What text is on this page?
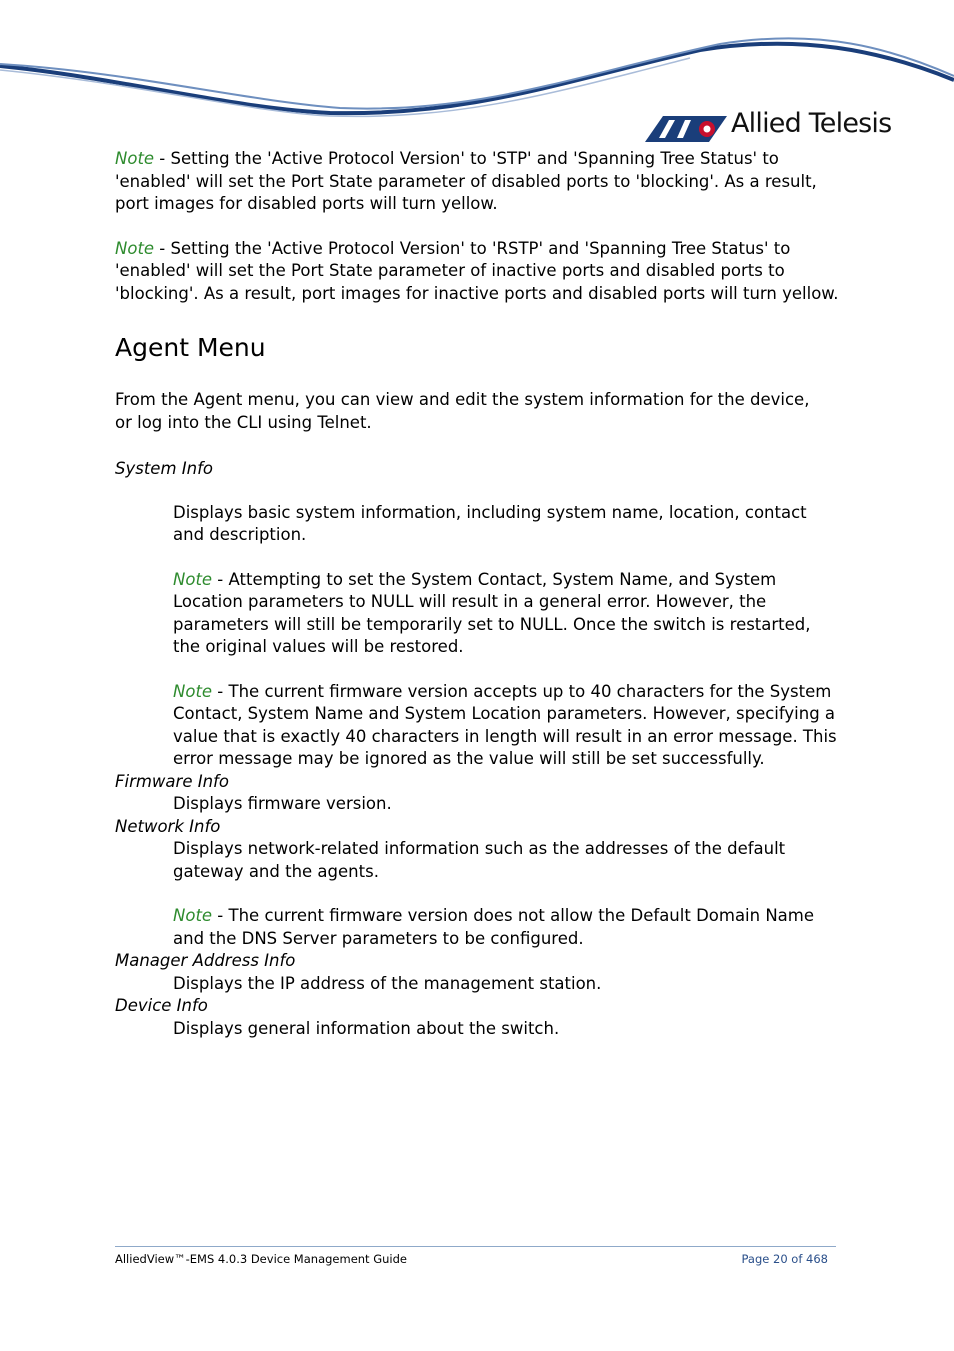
Allied Telesis

Note - Setting the 'Active Protocol Version' to 'STP' and 'Spanning Tree Status' to 'enabled' will set the Port State parameter of disabled ports to 'blocking'. As a result, port images for disabled ports will turn yellow.

Note - Setting the 'Active Protocol Version' to 'RSTP' and 'Spanning Tree Status' to 'enabled' will set the Port State parameter of inactive ports and disabled ports to 'blocking'. As a result, port images for inactive ports and disabled ports will turn yellow.

Agent Menu

From the Agent menu, you can view and edit the system information for the device,
or log into the CLI using Telnet.

System Info

Displays basic system information, including system name, location, contact and description.

Note - Attempting to set the System Contact, System Name, and System Location parameters to NULL will result in a general error. However, the parameters will still be temporarily set to NULL. Once the switch is restarted, the original values will be restored.

Note - The current firmware version accepts up to 40 characters for the System Contact, System Name and System Location parameters. However, specifying a value that is exactly 40 characters in length will result in an error message. This error message may be ignored as the value will still be set successfully.

Firmware Info

Displays firmware version.

Network Info

Displays network-related information such as the addresses of the default gateway and the agents.

Note - The current firmware version does not allow the Default Domain Name and the DNS Server parameters to be configured.

Manager Address Info

Displays the IP address of the management station.

Device Info

Displays general information about the switch.

AlliedView™-EMS 4.0.3 Device Management Guide	Page 20 of 468
